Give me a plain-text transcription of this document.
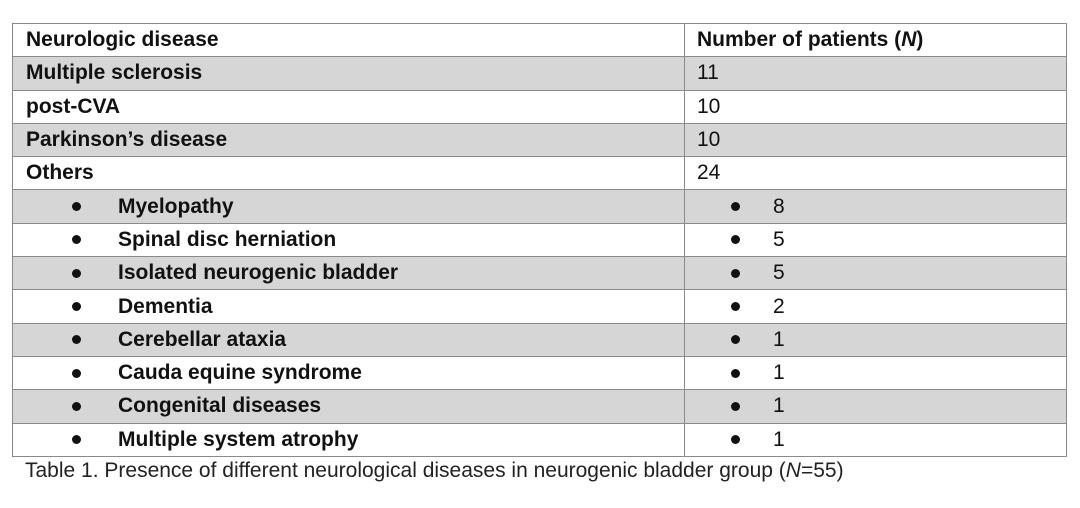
Neurologic disease	Number of patients (N)
Multiple sclerosis	11
post-CVA	10
Parkinson’s disease	10
Others	24

Myelopathy	8

Spinal disc herniation	5

Isolated neurogenic bladder	5

Dementia	2

Cerebellar ataxia	1

Cauda equine syndrome	1

Congenital diseases	1

Multiple system atrophy	1
Table 1. Presence of different neurological diseases in neurogenic bladder group (N=55)
